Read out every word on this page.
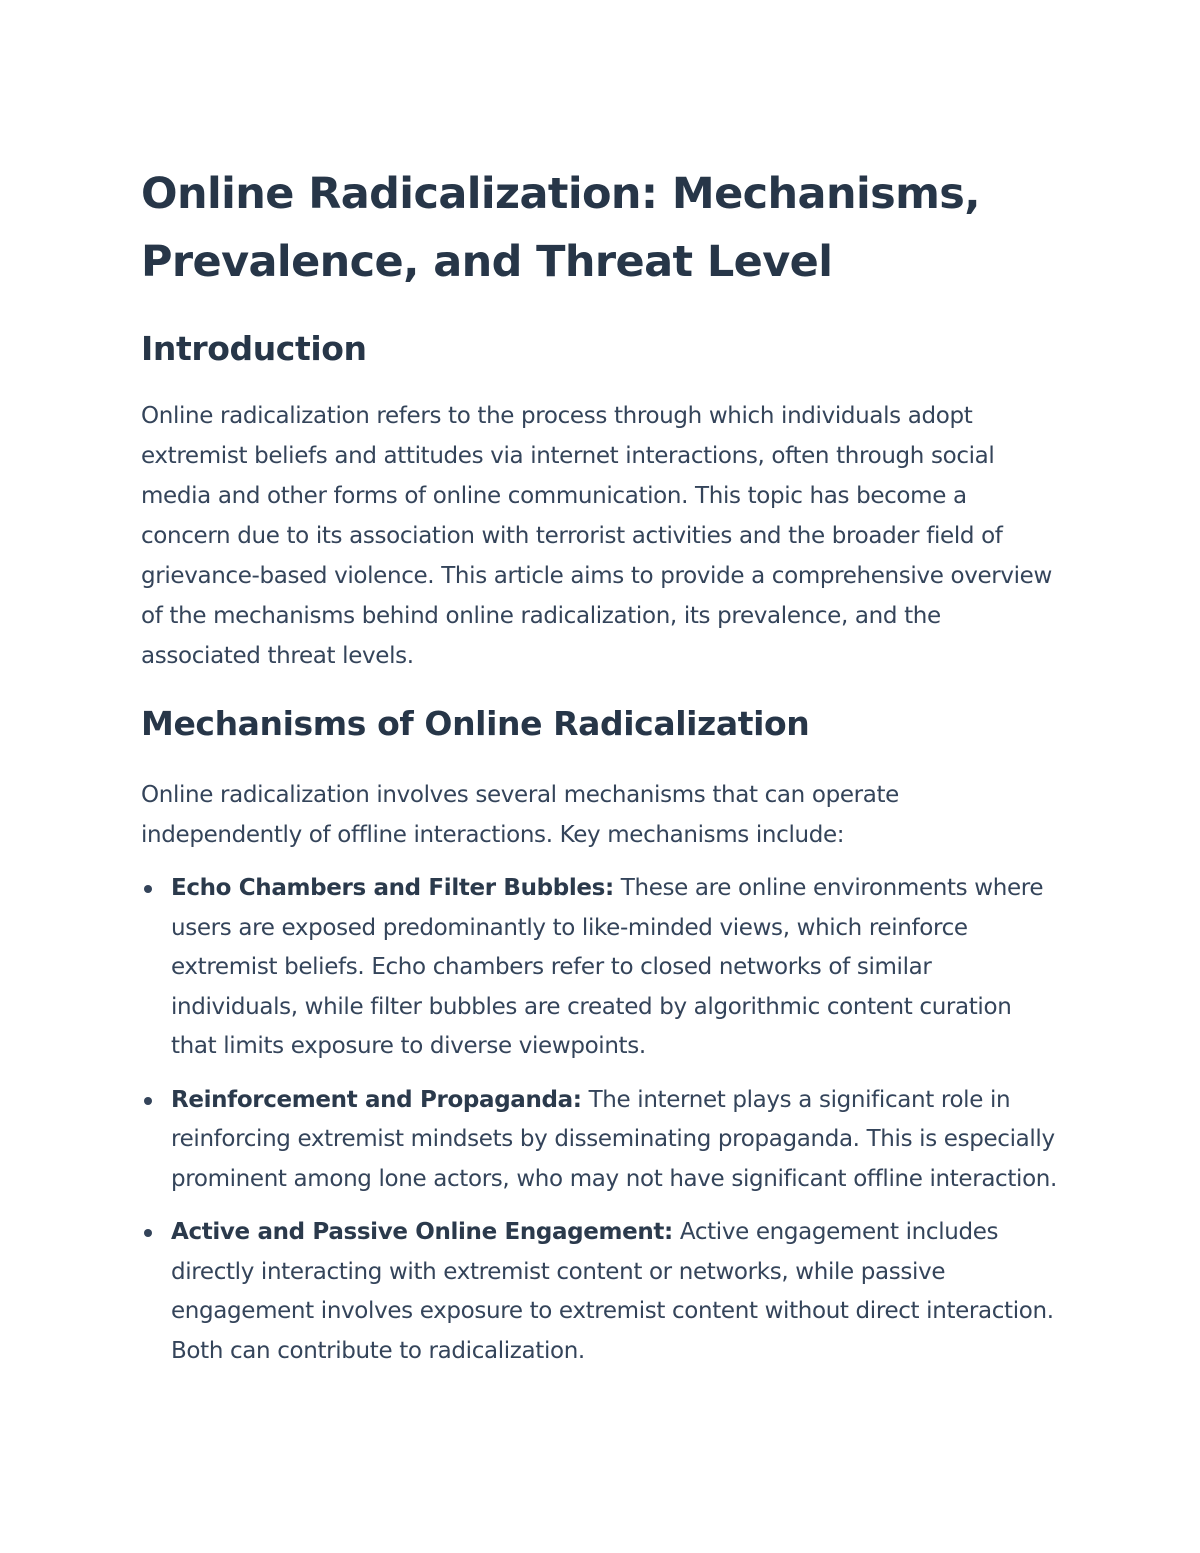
Online Radicalization: Mechanisms, Prevalence, and Threat Level
Introduction

Online radicalization refers to the process through which individuals adopt extremist beliefs and attitudes via internet interactions, often through social media and other forms of online communication. This topic has become a concern due to its association with terrorist activities and the broader field of grievance-based violence. This article aims to provide a comprehensive overview of the mechanisms behind online radicalization, its prevalence, and the associated threat levels.

Mechanisms of Online Radicalization

Online radicalization involves several mechanisms that can operate independently of offline interactions. Key mechanisms include:

Echo Chambers and Filter Bubbles: These are online environments where users are exposed predominantly to like-minded views, which reinforce extremist beliefs. Echo chambers refer to closed networks of similar individuals, while filter bubbles are created by algorithmic content curation that limits exposure to diverse viewpoints.
Reinforcement and Propaganda: The internet plays a significant role in reinforcing extremist mindsets by disseminating propaganda. This is especially prominent among lone actors, who may not have significant offline interaction.
Active and Passive Online Engagement: Active engagement includes directly interacting with extremist content or networks, while passive engagement involves exposure to extremist content without direct interaction. Both can contribute to radicalization.
